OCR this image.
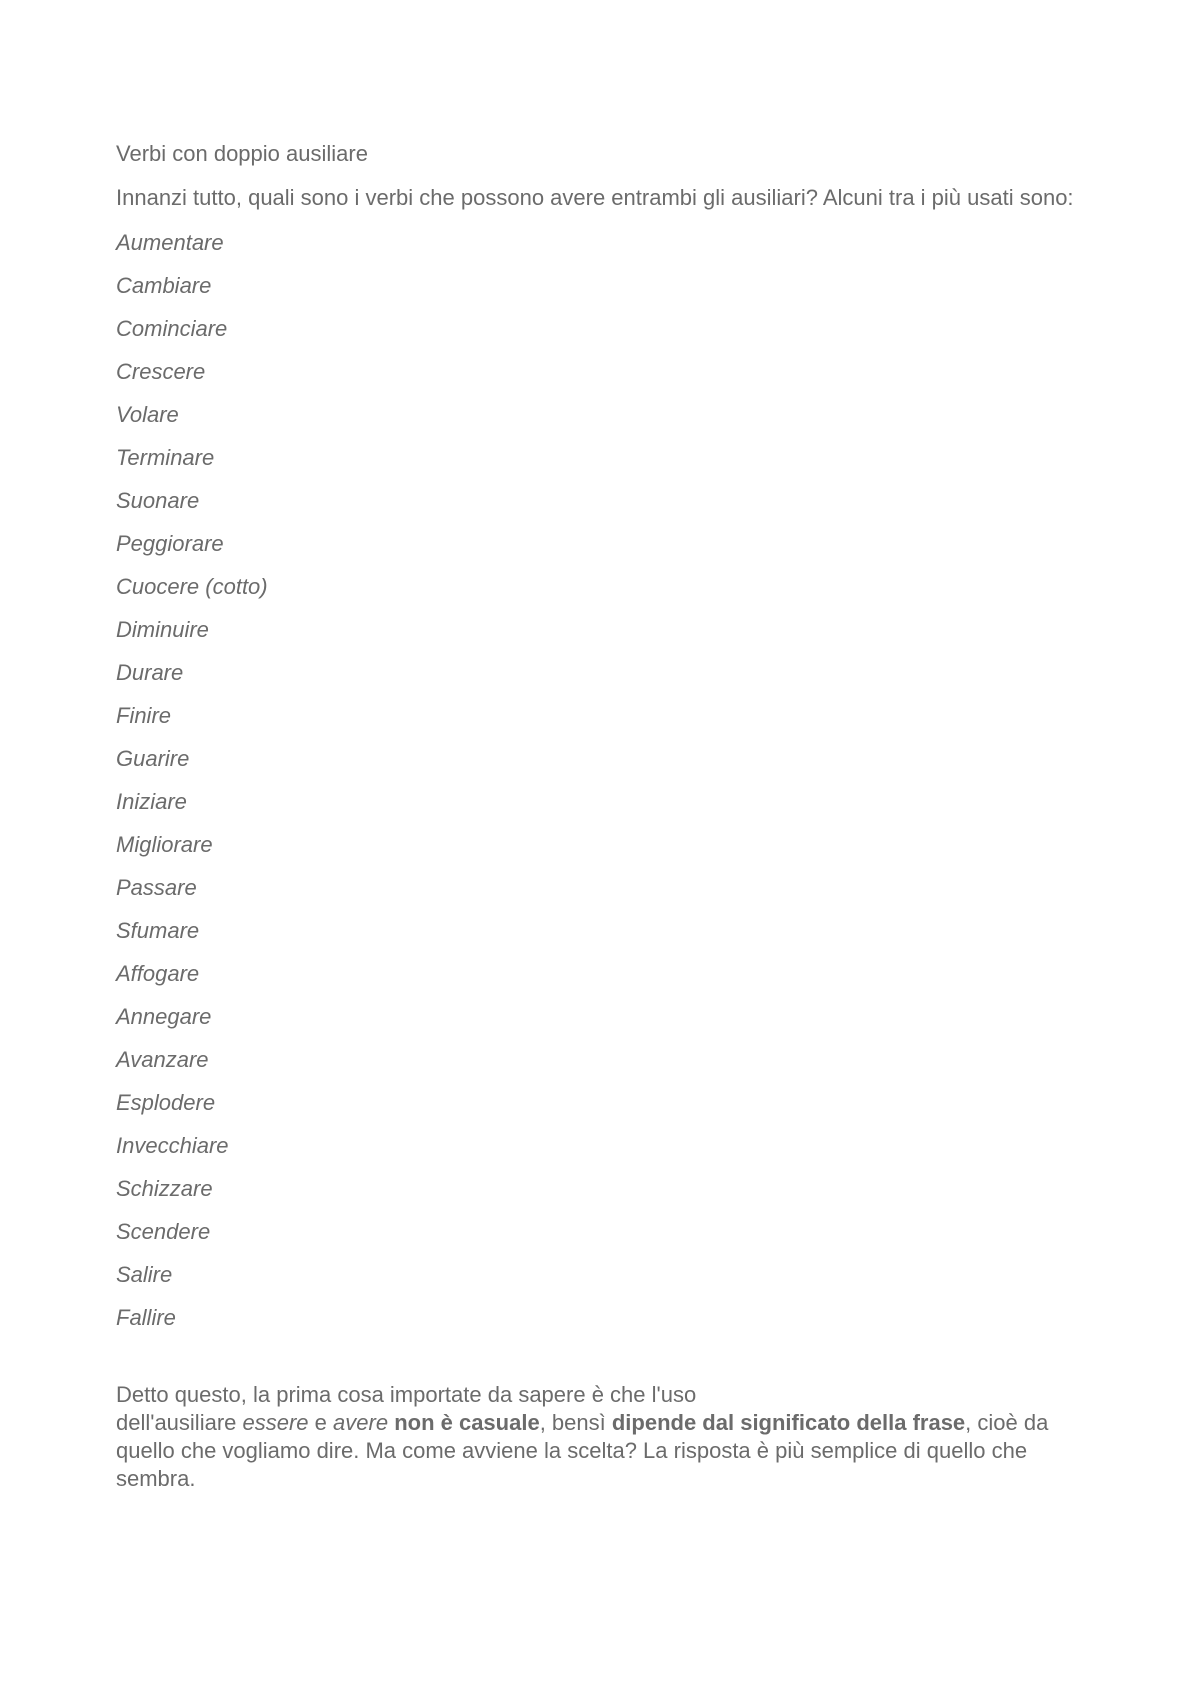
Verbi con doppio ausiliare

Innanzi tutto, quali sono i verbi che possono avere entrambi gli ausiliari? Alcuni tra i più usati sono:

Aumentare
Cambiare
Cominciare
Crescere
Volare
Terminare
Suonare
Peggiorare
Cuocere (cotto)
Diminuire
Durare
Finire
Guarire
Iniziare
Migliorare
Passare
Sfumare
Affogare
Annegare
Avanzare
Esplodere
Invecchiare
Schizzare
Scendere
Salire
Fallire

Detto questo, la prima cosa importate da sapere è che l'uso
dell'ausiliare essere e avere non è casuale, bensì dipende dal significato della frase, cioè da quello che vogliamo dire. Ma come avviene la scelta? La risposta è più semplice di quello che sembra.
